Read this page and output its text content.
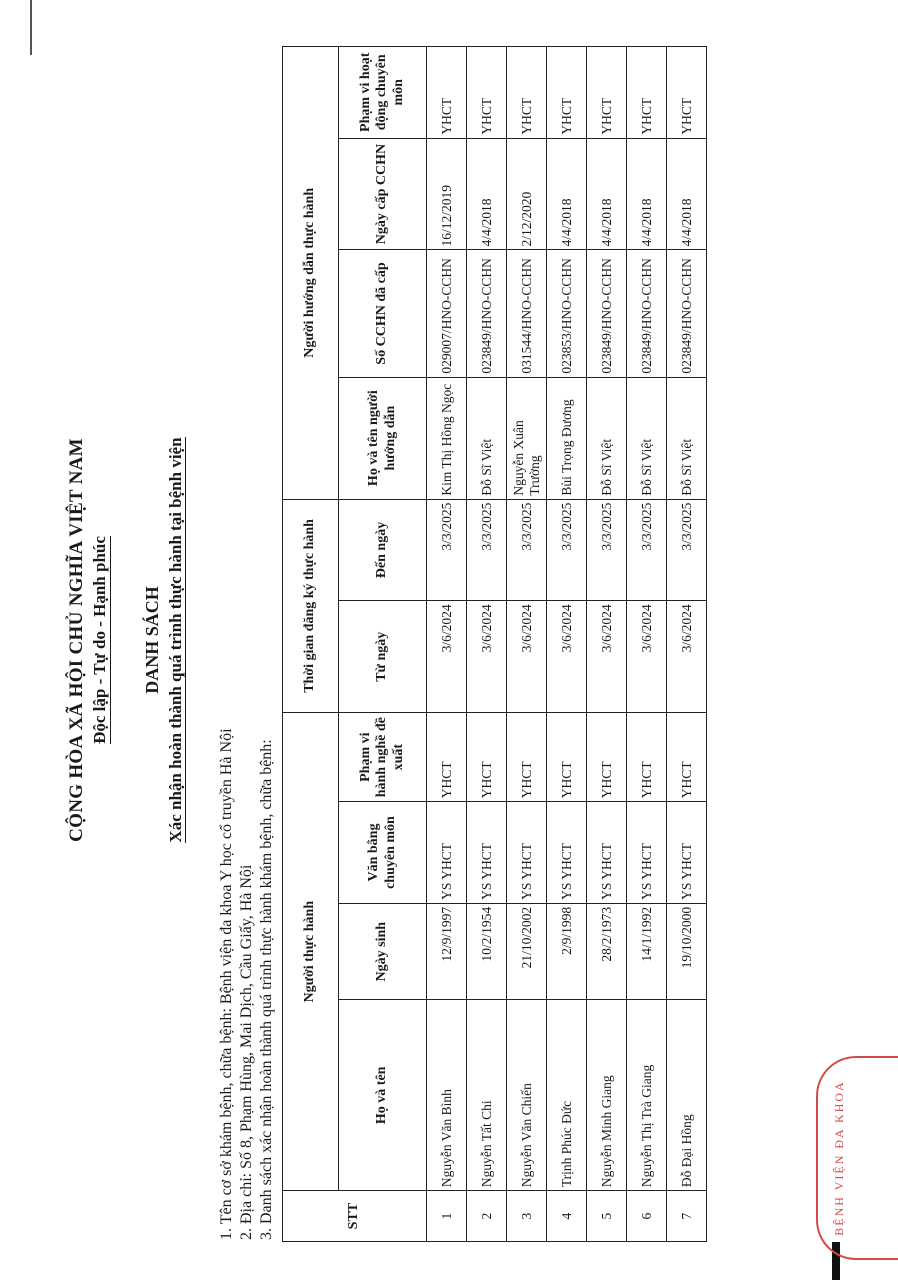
CỘNG HÒA XÃ HỘI CHỦ NGHĨA VIỆT NAM Độc lập - Tự do - Hạnh phúc DANH SÁCH Xác nhận hoàn thành quá trình thực hành tại bệnh viện
1. Tên cơ sở khám bệnh, chữa bệnh: Bệnh viện đa khoa Y học cổ truyền Hà Nội 2. Địa chỉ: Số 8, Phạm Hùng, Mai Dịch, Cầu Giấy, Hà Nội 3. Danh sách xác nhận hoàn thành quá trình thực hành khám bệnh, chữa bệnh:	STT	Người thực hành				Thời gian đăng ký thực hành		Người hướng dẫn thực hành			
	Họ và tên	Ngày sinh	Văn bằng chuyên môn	Phạm vi hành nghề đề xuất	Từ ngày	Đến ngày	Họ và tên người hướng dẫn	Số CCHN đã cấp	Ngày cấp CCHN	Phạm vi hoạt động chuyên môn
1	Nguyễn Văn Bình	12/9/1997	YS YHCT	YHCT	3/6/2024	3/3/2025	Kim Thị Hồng Ngọc	029007/HNO-CCHN	16/12/2019	YHCT
2	Nguyễn Tất Chi	10/2/1954	YS YHCT	YHCT	3/6/2024	3/3/2025	Đỗ Sĩ Việt	023849/HNO-CCHN	4/4/2018	YHCT
3	Nguyễn Văn Chiến	21/10/2002	YS YHCT	YHCT	3/6/2024	3/3/2025	Nguyễn Xuân Trường	031544/HNO-CCHN	2/12/2020	YHCT
4	Trịnh Phúc Đức	2/9/1998	YS YHCT	YHCT	3/6/2024	3/3/2025	Bùi Trọng Đương	023853/HNO-CCHN	4/4/2018	YHCT
5	Nguyễn Minh Giang	28/2/1973	YS YHCT	YHCT	3/6/2024	3/3/2025	Đỗ Sĩ Việt	023849/HNO-CCHN	4/4/2018	YHCT
6	Nguyễn Thị Trà Giang	14/1/1992	YS YHCT	YHCT	3/6/2024	3/3/2025	Đỗ Sĩ Việt	023849/HNO-CCHN	4/4/2018	YHCT
7	Đỗ Đại Hồng	19/10/2000	YS YHCT	YHCT	3/6/2024	3/3/2025	Đỗ Sĩ Việt	023849/HNO-CCHN	4/4/2018	YHCT
BỆNH VIỆN ĐA KHOA
